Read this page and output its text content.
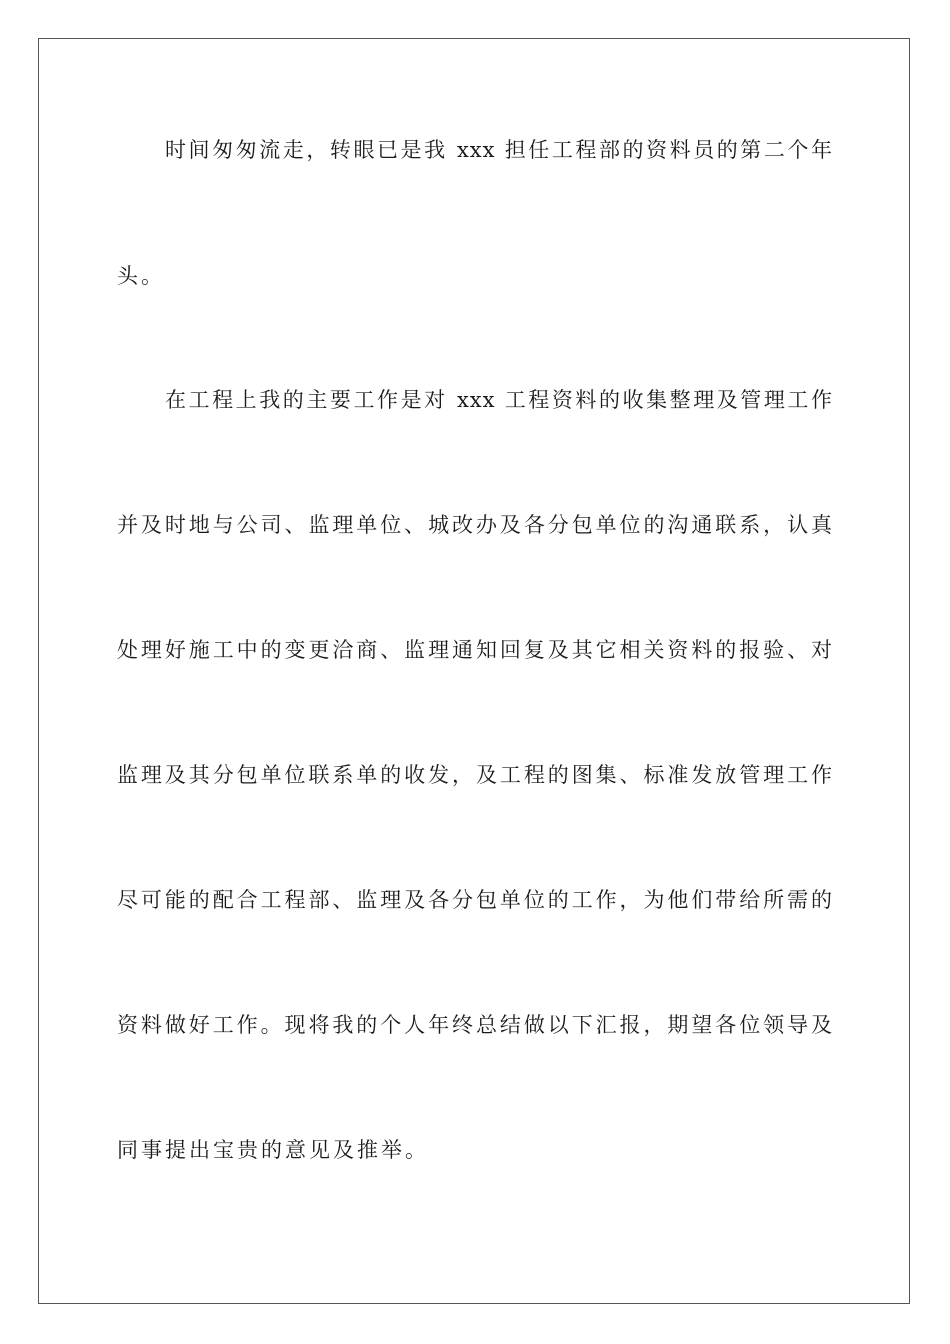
时间匆匆流走，转眼已是我 xxx 担任工程部的资料员的第二个年
头。
在工程上我的主要工作是对 xxx 工程资料的收集整理及管理工作
并及时地与公司、监理单位、城改办及各分包单位的沟通联系，认真
处理好施工中的变更洽商、监理通知回复及其它相关资料的报验、对
监理及其分包单位联系单的收发，及工程的图集、标准发放管理工作
尽可能的配合工程部、监理及各分包单位的工作，为他们带给所需的
资料做好工作。现将我的个人年终总结做以下汇报，期望各位领导及
同事提出宝贵的意见及推举。
